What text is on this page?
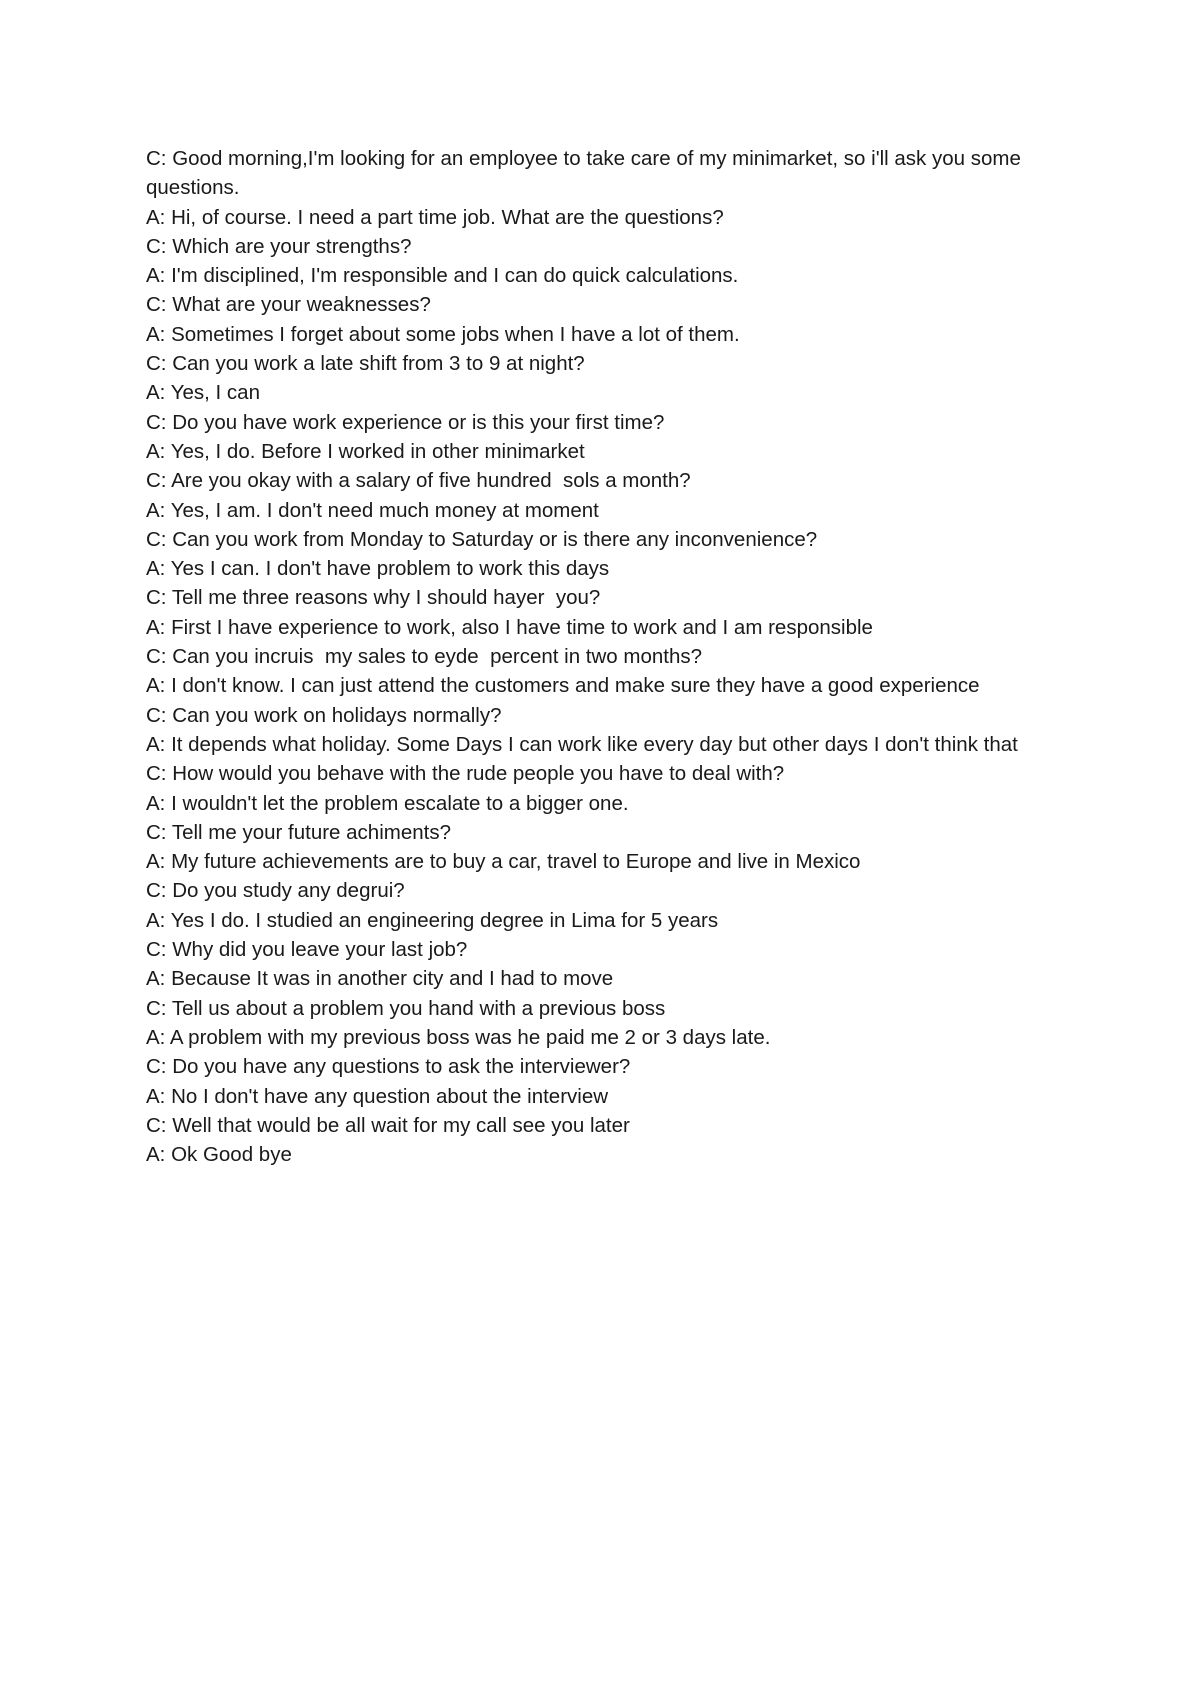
C: Good morning,I'm looking for an employee to take care of my minimarket, so i'll ask you some questions.

A: Hi, of course. I need a part time job. What are the questions?

C: Which are your strengths?

A: I'm disciplined, I'm responsible and I can do quick calculations.

C: What are your weaknesses?

A: Sometimes I forget about some jobs when I have a lot of them.

C: Can you work a late shift from 3 to 9 at night?

A: Yes, I can

C: Do you have work experience or is this your first time?

A: Yes, I do. Before I worked in other minimarket

C: Are you okay with a salary of five hundred  sols a month?

A: Yes, I am. I don't need much money at moment

C: Can you work from Monday to Saturday or is there any inconvenience?

A: Yes I can. I don't have problem to work this days

C: Tell me three reasons why I should hayer  you?

A: First I have experience to work, also I have time to work and I am responsible

C: Can you incruis  my sales to eyde  percent in two months?

A: I don't know. I can just attend the customers and make sure they have a good experience

C: Can you work on holidays normally?

A: It depends what holiday. Some Days I can work like every day but other days I don't think that

C: How would you behave with the rude people you have to deal with?

A: I wouldn't let the problem escalate to a bigger one.

C: Tell me your future achiments?

A: My future achievements are to buy a car, travel to Europe and live in Mexico

C: Do you study any degrui?

A: Yes I do. I studied an engineering degree in Lima for 5 years

C: Why did you leave your last job?

A: Because It was in another city and I had to move

C: Tell us about a problem you hand with a previous boss

A: A problem with my previous boss was he paid me 2 or 3 days late.

C: Do you have any questions to ask the interviewer?

A: No I don't have any question about the interview

C: Well that would be all wait for my call see you later

A: Ok Good bye
